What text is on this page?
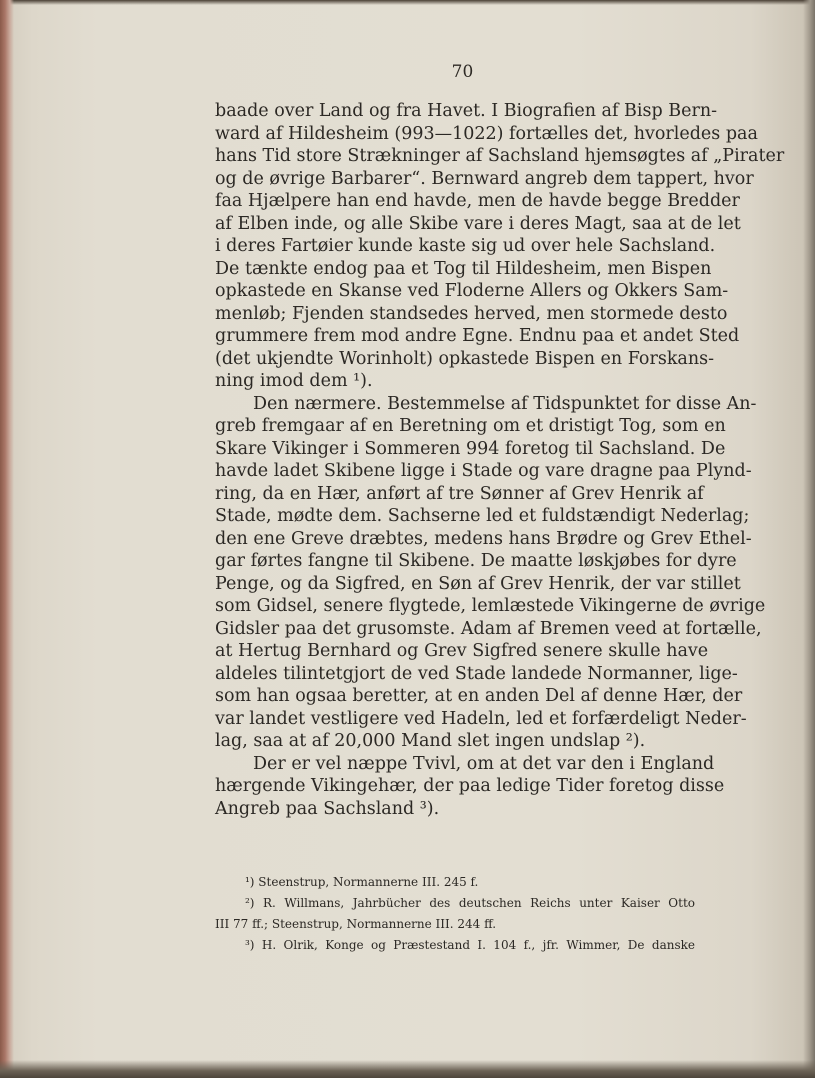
70
baade over Land og fra Havet. I Biografien af Bisp Bern-
ward af Hildesheim (993—1022) fortælles det, hvorledes paa
hans Tid store Strækninger af Sachsland hjemsøgtes af „Pirater
og de øvrige Barbarer“. Bernward angreb dem tappert, hvor
faa Hjælpere han end havde, men de havde begge Bredder
af Elben inde, og alle Skibe vare i deres Magt, saa at de let
i deres Fartøier kunde kaste sig ud over hele Sachsland.
De tænkte endog paa et Tog til Hildesheim, men Bispen
opkastede en Skanse ved Floderne Allers og Okkers Sam-
menløb; Fjenden standsedes herved, men stormede desto
grummere frem mod andre Egne. Endnu paa et andet Sted
(det ukjendte Worinholt) opkastede Bispen en Forskans-
ning imod dem ¹).
Den nærmere. Bestemmelse af Tidspunktet for disse An-
greb fremgaar af en Beretning om et dristigt Tog, som en
Skare Vikinger i Sommeren 994 foretog til Sachsland. De
havde ladet Skibene ligge i Stade og vare dragne paa Plynd-
ring, da en Hær, anført af tre Sønner af Grev Henrik af
Stade, mødte dem. Sachserne led et fuldstændigt Nederlag;
den ene Greve dræbtes, medens hans Brødre og Grev Ethel-
gar førtes fangne til Skibene. De maatte løskjøbes for dyre
Penge, og da Sigfred, en Søn af Grev Henrik, der var stillet
som Gidsel, senere flygtede, lemlæstede Vikingerne de øvrige
Gidsler paa det grusomste. Adam af Bremen veed at fortælle,
at Hertug Bernhard og Grev Sigfred senere skulle have
aldeles tilintetgjort de ved Stade landede Normanner, lige-
som han ogsaa beretter, at en anden Del af denne Hær, der
var landet vestligere ved Hadeln, led et forfærdeligt Neder-
lag, saa at af 20,000 Mand slet ingen undslap ²).
Der er vel næppe Tvivl, om at det var den i England
hærgende Vikingehær, der paa ledige Tider foretog disse
Angreb paa Sachsland ³).
¹) Steenstrup, Normannerne III. 245 f.
²) R. Willmans, Jahrbücher des deutschen Reichs unter Kaiser Otto
III 77 ff.; Steenstrup, Normannerne III. 244 ff.
³) H. Olrik, Konge og Præstestand I. 104 f., jfr. Wimmer, De danske
